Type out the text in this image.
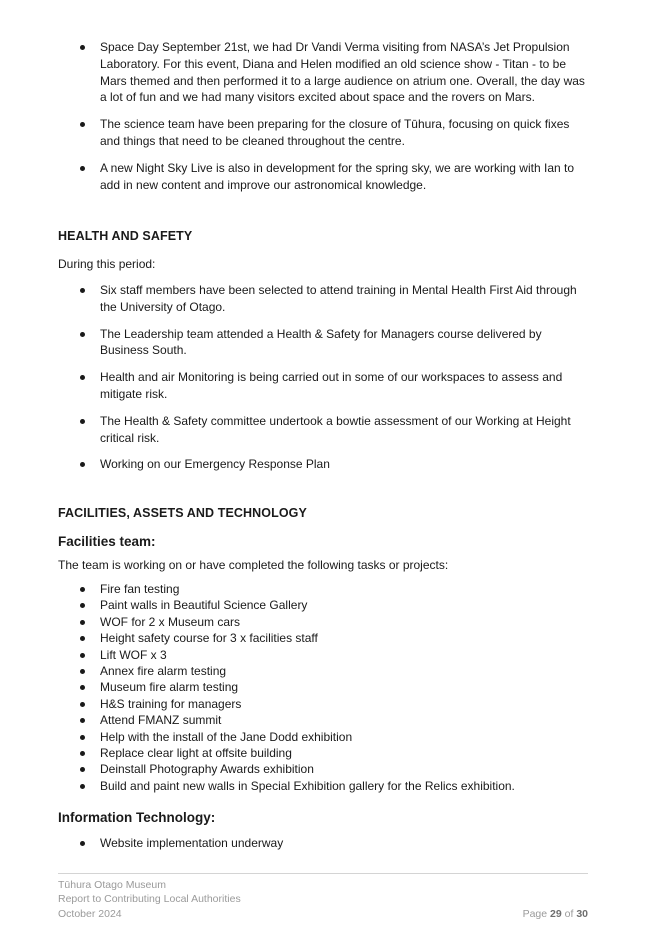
Space Day September 21st, we had Dr Vandi Verma visiting from NASA’s Jet Propulsion Laboratory. For this event, Diana and Helen modified an old science show - Titan - to be Mars themed and then performed it to a large audience on atrium one. Overall, the day was a lot of fun and we had many visitors excited about space and the rovers on Mars.
The science team have been preparing for the closure of Tūhura, focusing on quick fixes and things that need to be cleaned throughout the centre.
A new Night Sky Live is also in development for the spring sky, we are working with Ian to add in new content and improve our astronomical knowledge.
HEALTH AND SAFETY
During this period:
Six staff members have been selected to attend training in Mental Health First Aid through the University of Otago.
The Leadership team attended a Health & Safety for Managers course delivered by Business South.
Health and air Monitoring is being carried out in some of our workspaces to assess and mitigate risk.
The Health & Safety committee undertook a bowtie assessment of our Working at Height critical risk.
Working on our Emergency Response Plan
FACILITIES, ASSETS AND TECHNOLOGY
Facilities team:
The team is working on or have completed the following tasks or projects:
Fire fan testing
Paint walls in Beautiful Science Gallery
WOF for 2 x Museum cars
Height safety course for 3 x facilities staff
Lift WOF x 3
Annex fire alarm testing
Museum fire alarm testing
H&S training for managers
Attend FMANZ summit
Help with the install of the Jane Dodd exhibition
Replace clear light at offsite building
Deinstall Photography Awards exhibition
Build and paint new walls in Special Exhibition gallery for the Relics exhibition.
Information Technology:
Website implementation underway
Tūhura Otago Museum
Report to Contributing Local Authorities
October 2024	Page 29 of 30
